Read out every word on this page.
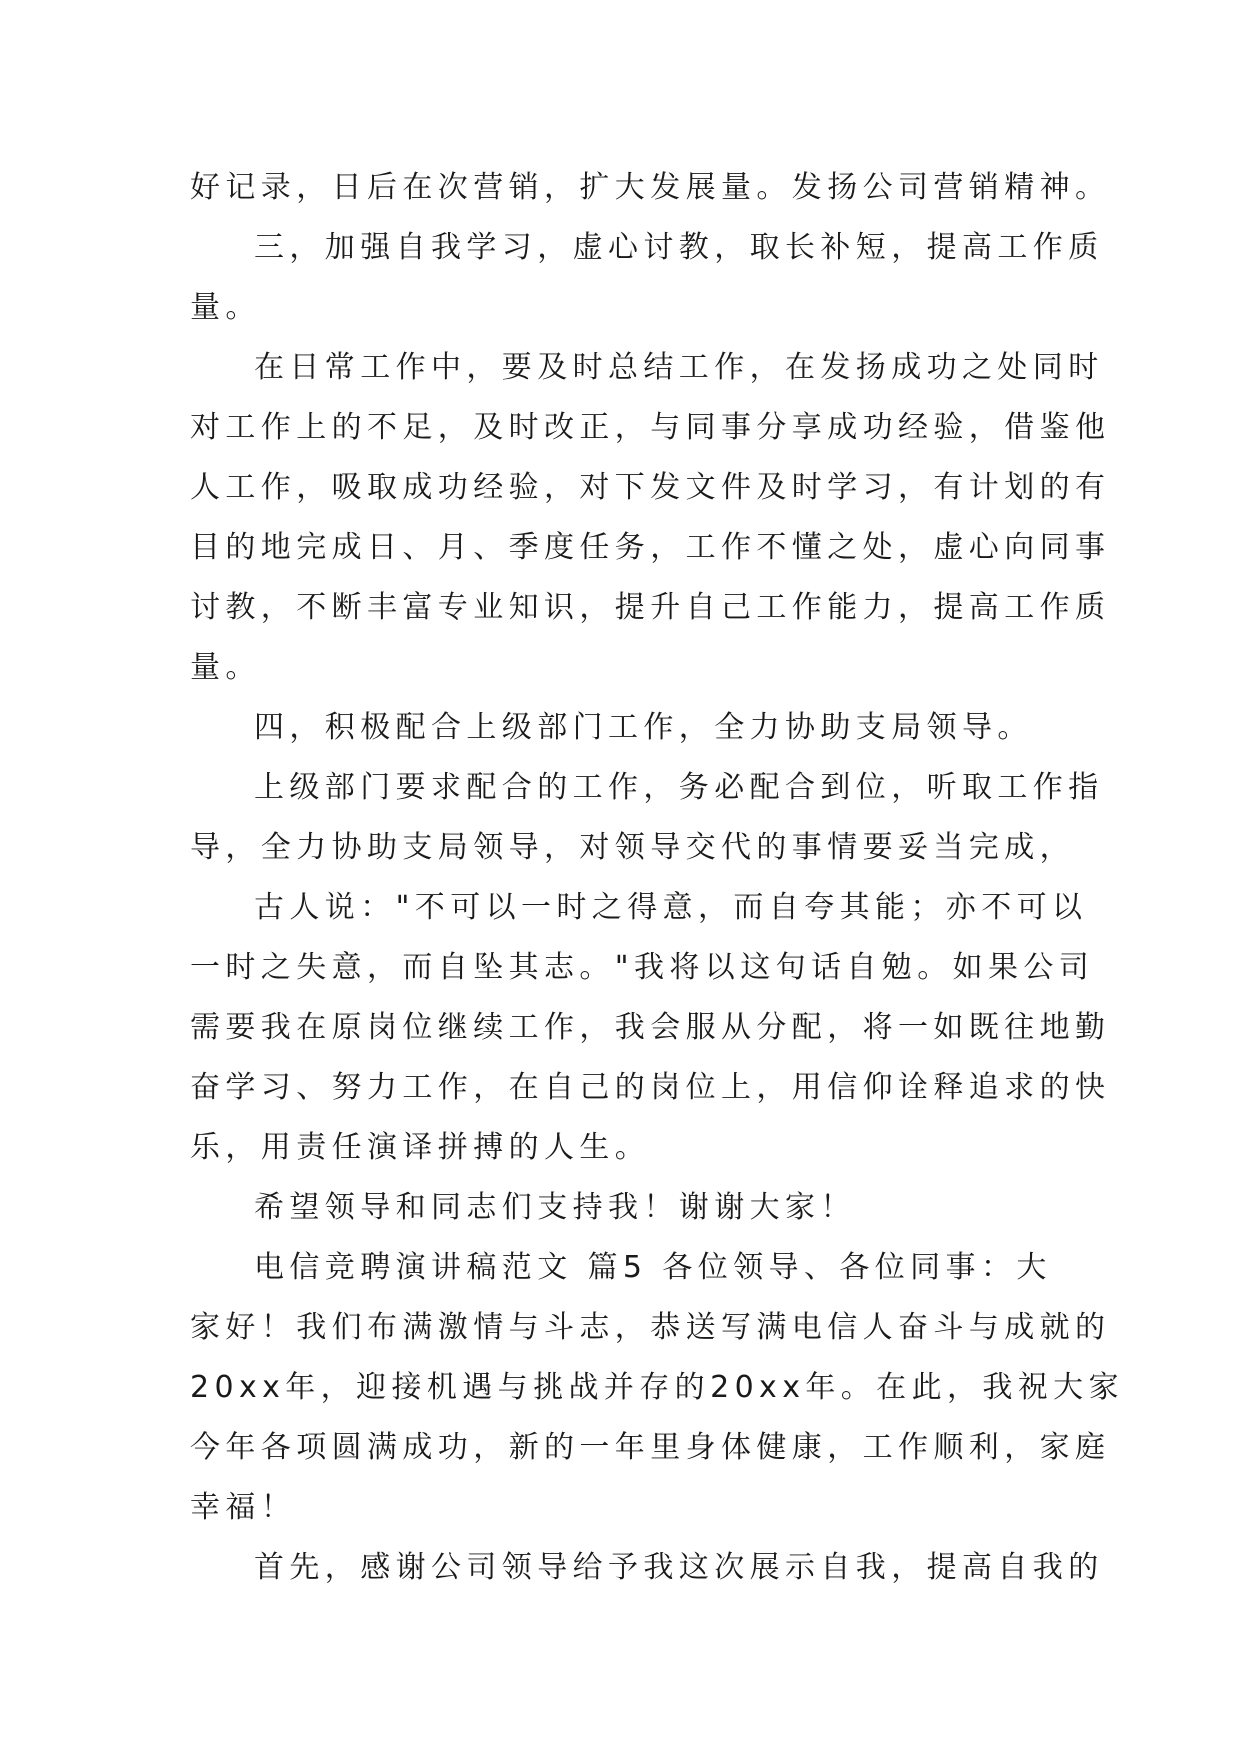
好记录，日后在次营销，扩大发展量。发扬公司营销精神。
三，加强自我学习，虚心讨教，取长补短，提高工作质
量。
在日常工作中，要及时总结工作，在发扬成功之处同时
对工作上的不足，及时改正，与同事分享成功经验，借鉴他
人工作，吸取成功经验，对下发文件及时学习，有计划的有
目的地完成日、月、季度任务，工作不懂之处，虚心向同事
讨教，不断丰富专业知识，提升自己工作能力，提高工作质
量。
四，积极配合上级部门工作，全力协助支局领导。
上级部门要求配合的工作，务必配合到位，听取工作指
导，全力协助支局领导，对领导交代的事情要妥当完成，
古人说："不可以一时之得意，而自夸其能；亦不可以
一时之失意，而自坠其志。"我将以这句话自勉。如果公司
需要我在原岗位继续工作，我会服从分配，将一如既往地勤
奋学习、努力工作，在自己的岗位上，用信仰诠释追求的快
乐，用责任演译拼搏的人生。
希望领导和同志们支持我！谢谢大家！
电信竞聘演讲稿范文 篇5 各位领导、各位同事：大
家好！我们布满激情与斗志，恭送写满电信人奋斗与成就的
20xx年，迎接机遇与挑战并存的20xx年。在此，我祝大家
今年各项圆满成功，新的一年里身体健康，工作顺利，家庭
幸福！
首先，感谢公司领导给予我这次展示自我，提高自我的
